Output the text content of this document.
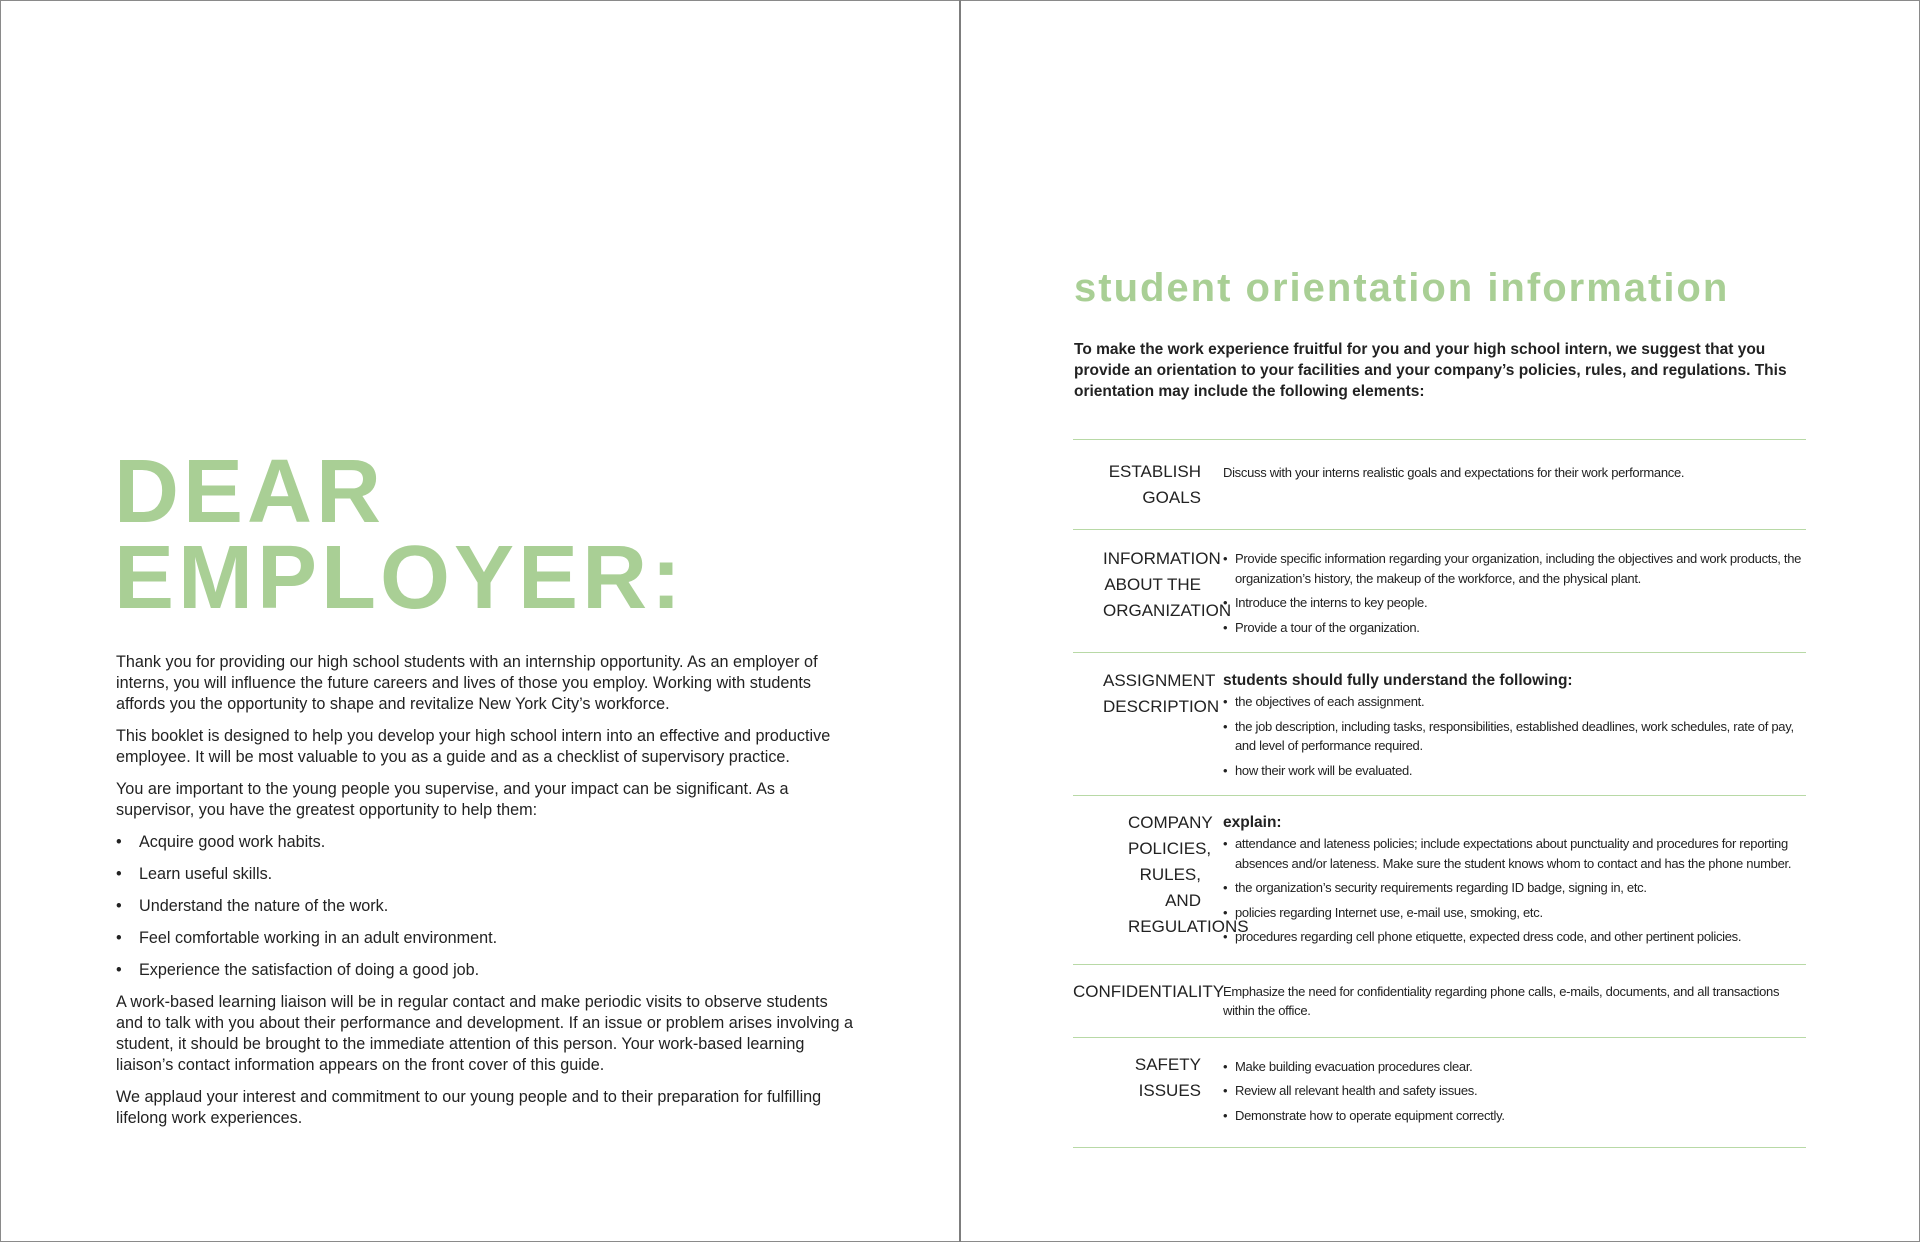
DEAR
EMPLOYER:

Thank you for providing our high school students with an internship opportunity. As an employer of interns, you will influence the future careers and lives of those you employ. Working with students affords you the opportunity to shape and revitalize New York City’s workforce.

This booklet is designed to help you develop your high school intern into an effective and productive employee. It will be most valuable to you as a guide and as a checklist of supervisory practice.

You are important to the young people you supervise, and your impact can be significant. As a supervisor, you have the greatest opportunity to help them:

• Acquire good work habits.
• Learn useful skills.
• Understand the nature of the work.
• Feel comfortable working in an adult environment.
• Experience the satisfaction of doing a good job.

A work-based learning liaison will be in regular contact and make periodic visits to observe students and to talk with you about their performance and development. If an issue or problem arises involving a student, it should be brought to the immediate attention of this person. Your work-based learning liaison’s contact information appears on the front cover of this guide.

We applaud your interest and commitment to our young people and to their preparation for fulfilling lifelong work experiences.

student orientation information
To make the work experience fruitful for you and your high school intern, we suggest that you provide an orientation to your facilities and your company’s policies, rules, and regulations. This orientation may include the following elements:
ESTABLISH GOALS

Discuss with your interns realistic goals and expectations for their work performance.

INFORMATION ABOUT THE ORGANIZATION
• Provide specific information regarding your organization, including the objectives and work products, the organization’s history, the makeup of the workforce, and the physical plant.
• Introduce the interns to key people.
• Provide a tour of the organization.
ASSIGNMENT DESCRIPTION
students should fully understand the following:
• the objectives of each assignment.
• the job description, including tasks, responsibilities, established deadlines, work schedules, rate of pay, and level of performance required.
• how their work will be evaluated.
COMPANY POLICIES, RULES, AND REGULATIONS
explain:
• attendance and lateness policies; include expectations about punctuality and procedures for reporting absences and/or lateness. Make sure the student knows whom to contact and has the phone number.
• the organization’s security requirements regarding ID badge, signing in, etc.
• policies regarding Internet use, e-mail use, smoking, etc.
• procedures regarding cell phone etiquette, expected dress code, and other pertinent policies.
CONFIDENTIALITY

Emphasize the need for confidentiality regarding phone calls, e-mails, documents, and all transactions within the office.

SAFETY ISSUES
• Make building evacuation procedures clear.
• Review all relevant health and safety issues.
• Demonstrate how to operate equipment correctly.
